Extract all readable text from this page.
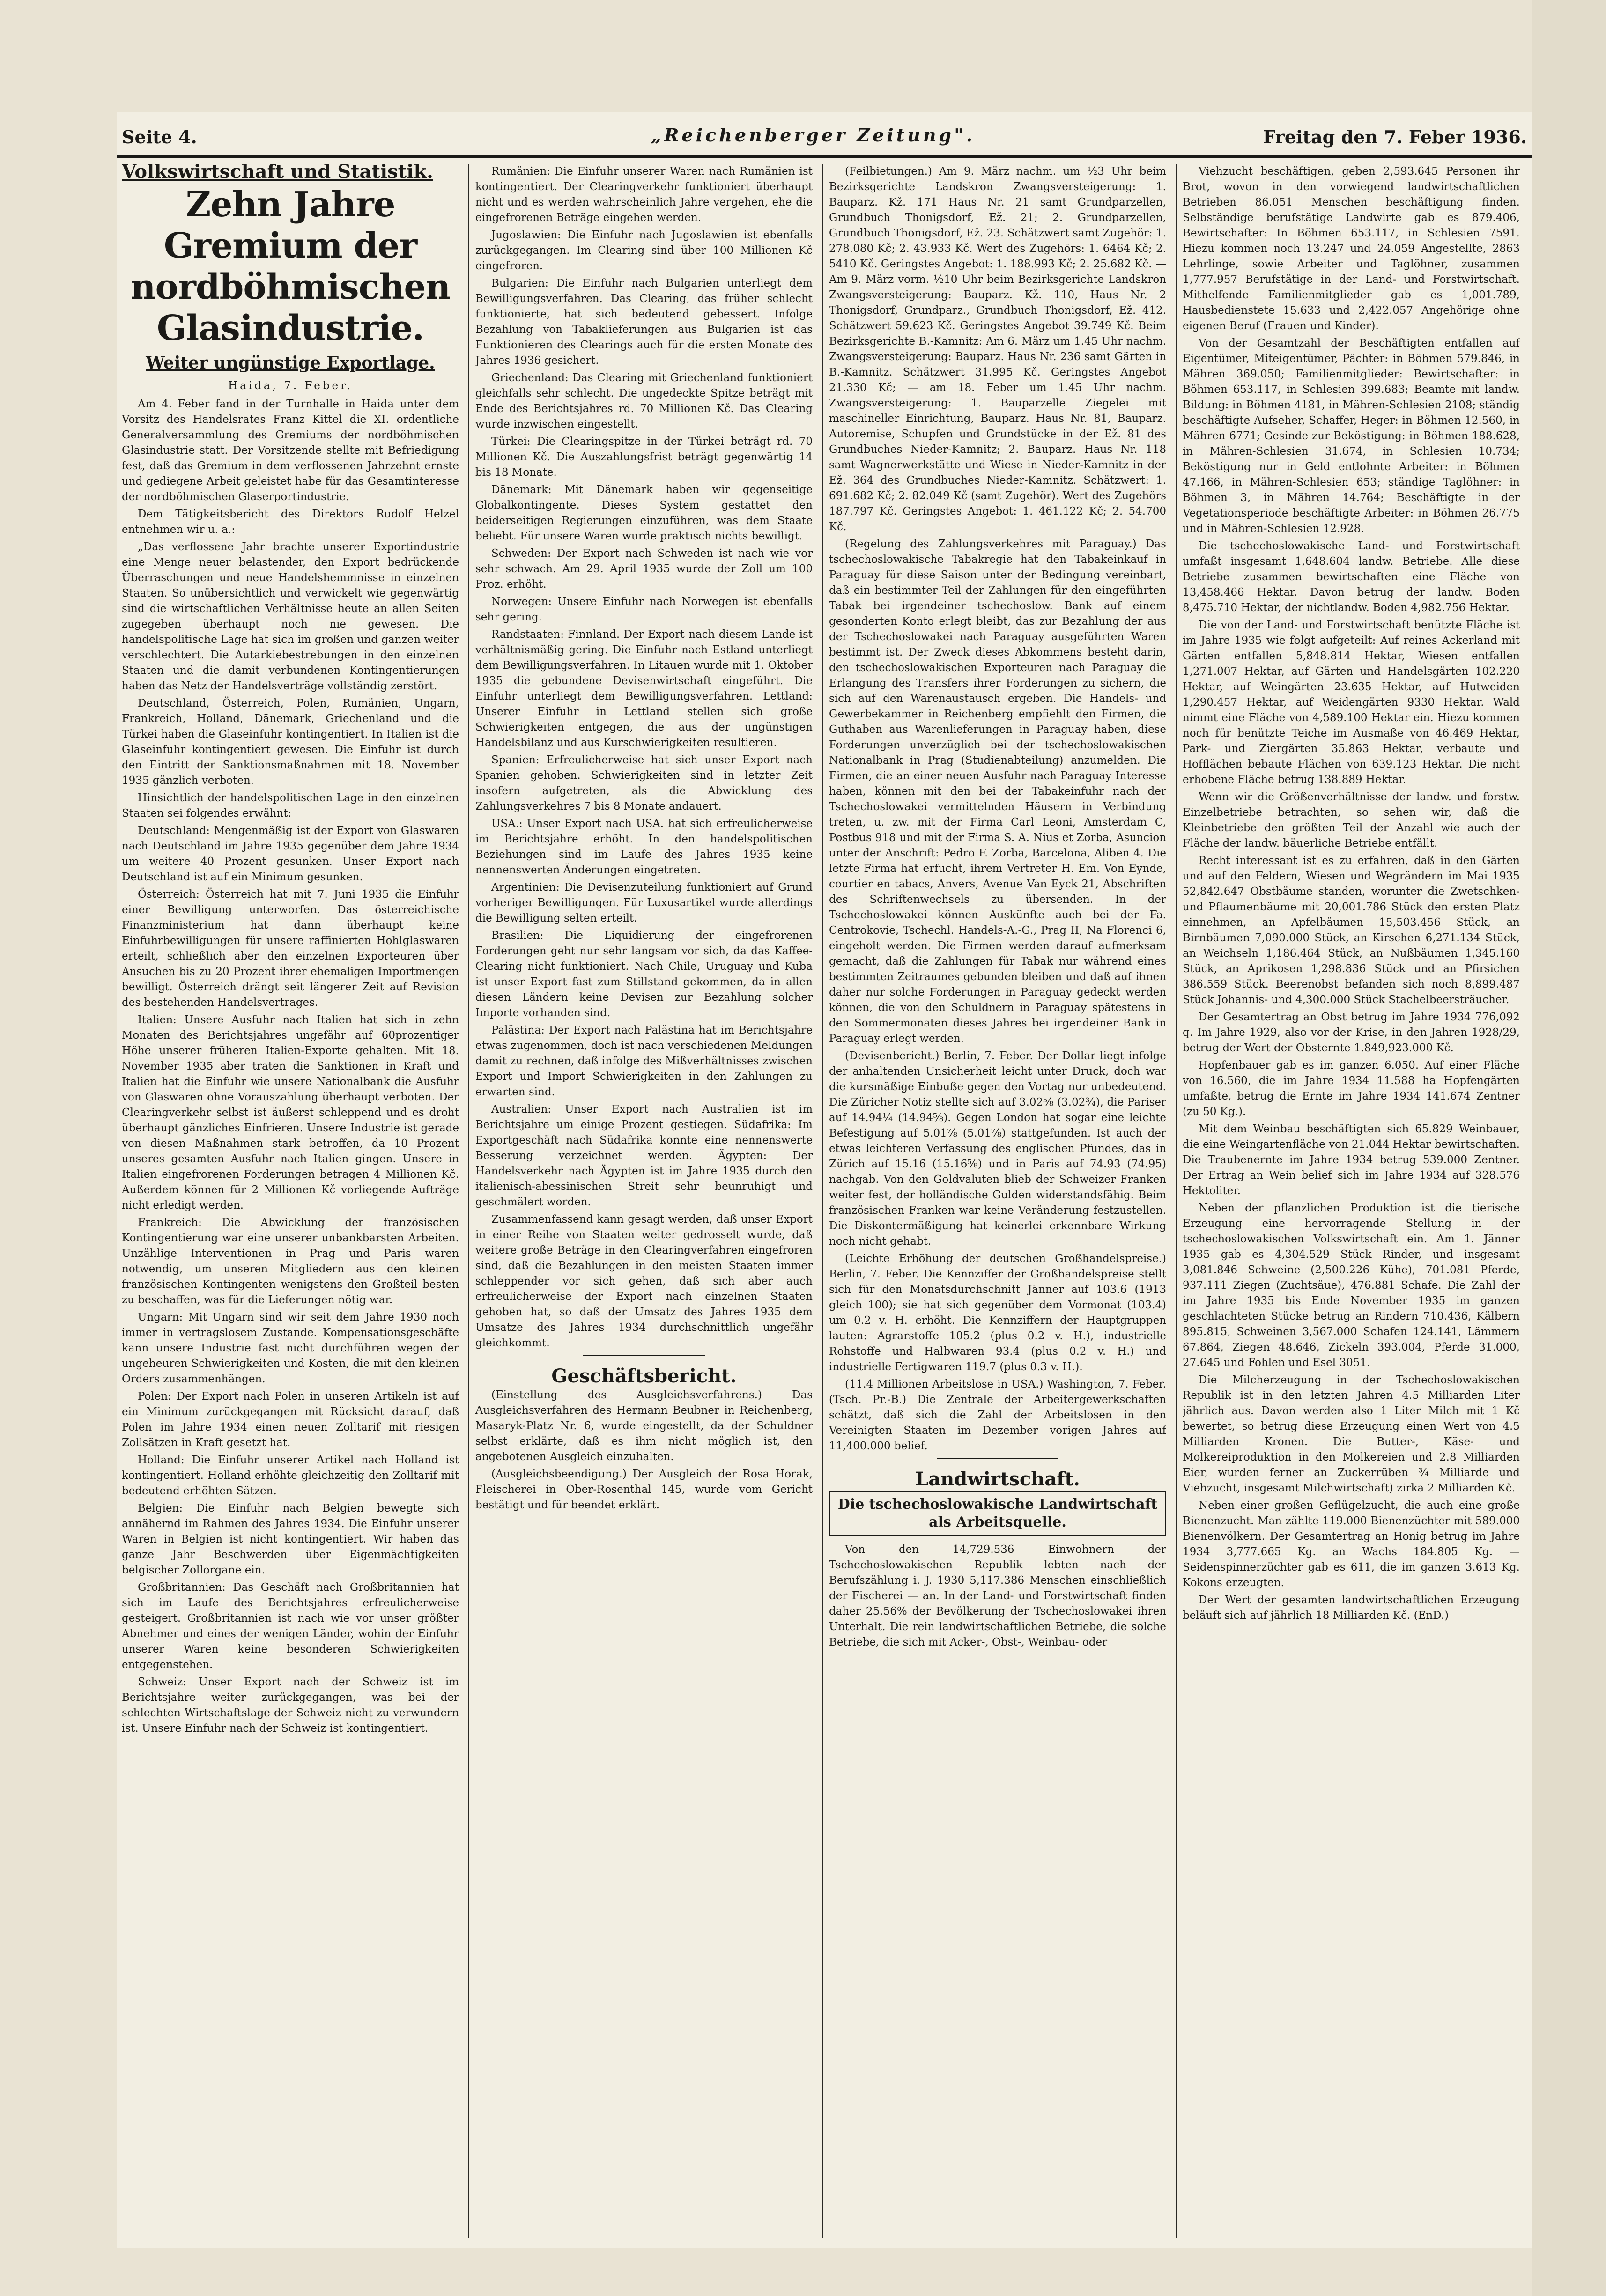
Seite 4.	„Reichenberger Zeitung".	Freitag den 7. Feber 1936.
Volkswirtschaft und Statistik.
Zehn Jahre Gremium der nordböhmischen Glasindustrie.
Weiter ungünstige Exportlage.
Haida, 7. Feber.

Am 4. Feber fand in der Turnhalle in Haida unter dem Vorsitz des Handelsrates Franz Kittel die XI. ordentliche Generalversammlung des Gremiums der nordböhmischen Glasindustrie statt. Der Vorsitzende stellte mit Befriedigung fest, daß das Gremium in dem verflossenen Jahrzehnt ernste und gediegene Arbeit geleistet habe für das Gesamtinteresse der nordböhmischen Glaserportindustrie.

Dem Tätigkeitsbericht des Direktors Rudolf Helzel entnehmen wir u. a.:

„Das verflossene Jahr brachte unserer Exportindustrie eine Menge neuer belastender, den Export bedrückende Überraschungen und neue Handelshemmnisse in einzelnen Staaten. So unübersichtlich und verwickelt wie gegenwärtig sind die wirtschaftlichen Verhältnisse heute an allen Seiten zugegeben überhaupt noch nie gewesen. Die handelspolitische Lage hat sich im großen und ganzen weiter verschlechtert. Die Autarkiebestrebungen in den einzelnen Staaten und die damit verbundenen Kontingentierungen haben das Netz der Handelsverträge vollständig zerstört.

Deutschland, Österreich, Polen, Rumänien, Ungarn, Frankreich, Holland, Dänemark, Griechenland und die Türkei haben die Glaseinfuhr kontingentiert. In Italien ist die Glaseinfuhr kontingentiert gewesen. Die Einfuhr ist durch den Eintritt der Sanktionsmaßnahmen mit 18. November 1935 gänzlich verboten.

Hinsichtlich der handelspolitischen Lage in den einzelnen Staaten sei folgendes erwähnt:

Deutschland: Mengenmäßig ist der Export von Glaswaren nach Deutschland im Jahre 1935 gegenüber dem Jahre 1934 um weitere 40 Prozent gesunken. Unser Export nach Deutschland ist auf ein Minimum gesunken.

Österreich: Österreich hat mit 7. Juni 1935 die Einfuhr einer Bewilligung unterworfen. Das österreichische Finanzministerium hat dann überhaupt keine Einfuhrbewilligungen für unsere raffinierten Hohlglaswaren erteilt, schließlich aber den einzelnen Exporteuren über Ansuchen bis zu 20 Prozent ihrer ehemaligen Importmengen bewilligt. Österreich drängt seit längerer Zeit auf Revision des bestehenden Handelsvertrages.

Italien: Unsere Ausfuhr nach Italien hat sich in zehn Monaten des Berichtsjahres ungefähr auf 60prozentiger Höhe unserer früheren Italien-Exporte gehalten. Mit 18. November 1935 aber traten die Sanktionen in Kraft und Italien hat die Einfuhr wie unsere Nationalbank die Ausfuhr von Glaswaren ohne Vorauszahlung überhaupt verboten. Der Clearingverkehr selbst ist äußerst schleppend und es droht überhaupt gänzliches Einfrieren. Unsere Industrie ist gerade von diesen Maßnahmen stark betroffen, da 10 Prozent unseres gesamten Ausfuhr nach Italien gingen. Unsere in Italien eingefrorenen Forderungen betragen 4 Millionen Kč. Außerdem können für 2 Millionen Kč vorliegende Aufträge nicht erledigt werden.

Frankreich: Die Abwicklung der französischen Kontingentierung war eine unserer unbankbarsten Arbeiten. Unzählige Interventionen in Prag und Paris waren notwendig, um unseren Mitgliedern aus den kleinen französischen Kontingenten wenigstens den Großteil besten zu beschaffen, was für die Lieferungen nötig war.

Ungarn: Mit Ungarn sind wir seit dem Jahre 1930 noch immer in vertragslosem Zustande. Kompensationsgeschäfte kann unsere Industrie fast nicht durchführen wegen der ungeheuren Schwierigkeiten und Kosten, die mit den kleinen Orders zusammenhängen.

Polen: Der Export nach Polen in unseren Artikeln ist auf ein Minimum zurückgegangen mit Rücksicht darauf, daß Polen im Jahre 1934 einen neuen Zolltarif mit riesigen Zollsätzen in Kraft gesetzt hat.

Holland: Die Einfuhr unserer Artikel nach Holland ist kontingentiert. Holland erhöhte gleichzeitig den Zolltarif mit bedeutend erhöhten Sätzen.

Belgien: Die Einfuhr nach Belgien bewegte sich annähernd im Rahmen des Jahres 1934. Die Einfuhr unserer Waren in Belgien ist nicht kontingentiert. Wir haben das ganze Jahr Beschwerden über Eigenmächtigkeiten belgischer Zollorgane ein.

Großbritannien: Das Geschäft nach Großbritannien hat sich im Laufe des Berichtsjahres erfreulicherweise gesteigert. Großbritannien ist nach wie vor unser größter Abnehmer und eines der wenigen Länder, wohin der Einfuhr unserer Waren keine besonderen Schwierigkeiten entgegenstehen.

Schweiz: Unser Export nach der Schweiz ist im Berichtsjahre weiter zurückgegangen, was bei der schlechten Wirtschaftslage der Schweiz nicht zu verwundern ist. Unsere Einfuhr nach der Schweiz ist kontingentiert.

Rumänien: Die Einfuhr unserer Waren nach Rumänien ist kontingentiert. Der Clearingverkehr funktioniert überhaupt nicht und es werden wahrscheinlich Jahre vergehen, ehe die eingefrorenen Beträge eingehen werden.

Jugoslawien: Die Einfuhr nach Jugoslawien ist ebenfalls zurückgegangen. Im Clearing sind über 100 Millionen Kč eingefroren.

Bulgarien: Die Einfuhr nach Bulgarien unterliegt dem Bewilligungsverfahren. Das Clearing, das früher schlecht funktionierte, hat sich bedeutend gebessert. Infolge Bezahlung von Tabaklieferungen aus Bulgarien ist das Funktionieren des Clearings auch für die ersten Monate des Jahres 1936 gesichert.

Griechenland: Das Clearing mit Griechenland funktioniert gleichfalls sehr schlecht. Die ungedeckte Spitze beträgt mit Ende des Berichtsjahres rd. 70 Millionen Kč. Das Clearing wurde inzwischen eingestellt.

Türkei: Die Clearingspitze in der Türkei beträgt rd. 70 Millionen Kč. Die Auszahlungsfrist beträgt gegenwärtig 14 bis 18 Monate.

Dänemark: Mit Dänemark haben wir gegenseitige Globalkontingente. Dieses System gestattet den beiderseitigen Regierungen einzuführen, was dem Staate beliebt. Für unsere Waren wurde praktisch nichts bewilligt.

Schweden: Der Export nach Schweden ist nach wie vor sehr schwach. Am 29. April 1935 wurde der Zoll um 100 Proz. erhöht.

Norwegen: Unsere Einfuhr nach Norwegen ist ebenfalls sehr gering.

Randstaaten: Finnland. Der Export nach diesem Lande ist verhältnismäßig gering. Die Einfuhr nach Estland unterliegt dem Bewilligungsverfahren. In Litauen wurde mit 1. Oktober 1935 die gebundene Devisenwirtschaft eingeführt. Die Einfuhr unterliegt dem Bewilligungsverfahren. Lettland: Unserer Einfuhr in Lettland stellen sich große Schwierigkeiten entgegen, die aus der ungünstigen Handelsbilanz und aus Kurschwierigkeiten resultieren.

Spanien: Erfreulicherweise hat sich unser Export nach Spanien gehoben. Schwierigkeiten sind in letzter Zeit insofern aufgetreten, als die Abwicklung des Zahlungsverkehres 7 bis 8 Monate andauert.

USA.: Unser Export nach USA. hat sich erfreulicherweise im Berichtsjahre erhöht. In den handelspolitischen Beziehungen sind im Laufe des Jahres 1935 keine nennenswerten Änderungen eingetreten.

Argentinien: Die Devisenzuteilung funktioniert auf Grund vorheriger Bewilligungen. Für Luxusartikel wurde allerdings die Bewilligung selten erteilt.

Brasilien: Die Liquidierung der eingefrorenen Forderungen geht nur sehr langsam vor sich, da das Kaffee-Clearing nicht funktioniert. Nach Chile, Uruguay und Kuba ist unser Export fast zum Stillstand gekommen, da in allen diesen Ländern keine Devisen zur Bezahlung solcher Importe vorhanden sind.

Palästina: Der Export nach Palästina hat im Berichtsjahre etwas zugenommen, doch ist nach verschiedenen Meldungen damit zu rechnen, daß infolge des Mißverhältnisses zwischen Export und Import Schwierigkeiten in den Zahlungen zu erwarten sind.

Australien: Unser Export nach Australien ist im Berichtsjahre um einige Prozent gestiegen. Südafrika: Im Exportgeschäft nach Südafrika konnte eine nennenswerte Besserung verzeichnet werden. Ägypten: Der Handelsverkehr nach Ägypten ist im Jahre 1935 durch den italienisch-abessinischen Streit sehr beunruhigt und geschmälert worden.

Zusammenfassend kann gesagt werden, daß unser Export in einer Reihe von Staaten weiter gedrosselt wurde, daß weitere große Beträge in den Clearingverfahren eingefroren sind, daß die Bezahlungen in den meisten Staaten immer schleppender vor sich gehen, daß sich aber auch erfreulicherweise der Export nach einzelnen Staaten gehoben hat, so daß der Umsatz des Jahres 1935 dem Umsatze des Jahres 1934 durchschnittlich ungefähr gleichkommt.

Geschäftsbericht.

(Einstellung des Ausgleichsverfahrens.) Das Ausgleichsverfahren des Hermann Beubner in Reichenberg, Masaryk-Platz Nr. 6, wurde eingestellt, da der Schuldner selbst erklärte, daß es ihm nicht möglich ist, den angebotenen Ausgleich einzuhalten.

(Ausgleichsbeendigung.) Der Ausgleich der Rosa Horak, Fleischerei in Ober-Rosenthal 145, wurde vom Gericht bestätigt und für beendet erklärt.

(Feilbietungen.) Am 9. März nachm. um ½3 Uhr beim Bezirksgerichte Landskron Zwangsversteigerung: 1. Bauparz. Kž. 171 Haus Nr. 21 samt Grundparzellen, Grundbuch Thonigsdorf, Ež. 21; 2. Grundparzellen, Grundbuch Thonigsdorf, Ež. 23. Schätzwert samt Zugehör: 1. 278.080 Kč; 2. 43.933 Kč. Wert des Zugehörs: 1. 6464 Kč; 2. 5410 Kč. Geringstes Angebot: 1. 188.993 Kč; 2. 25.682 Kč. — Am 9. März vorm. ½10 Uhr beim Bezirksgerichte Landskron Zwangsversteigerung: Bauparz. Kž. 110, Haus Nr. 2 Thonigsdorf, Grundparz., Grundbuch Thonigsdorf, Ež. 412. Schätzwert 59.623 Kč. Geringstes Angebot 39.749 Kč. Beim Bezirksgerichte B.-Kamnitz: Am 6. März um 1.45 Uhr nachm. Zwangsversteigerung: Bauparz. Haus Nr. 236 samt Gärten in B.-Kamnitz. Schätzwert 31.995 Kč. Geringstes Angebot 21.330 Kč; — am 18. Feber um 1.45 Uhr nachm. Zwangsversteigerung: 1. Bauparzelle Ziegelei mit maschineller Einrichtung, Bauparz. Haus Nr. 81, Bauparz. Autoremise, Schupfen und Grundstücke in der Ež. 81 des Grundbuches Nieder-Kamnitz; 2. Bauparz. Haus Nr. 118 samt Wagnerwerkstätte und Wiese in Nieder-Kamnitz in der Ež. 364 des Grundbuches Nieder-Kamnitz. Schätzwert: 1. 691.682 Kč; 2. 82.049 Kč (samt Zugehör). Wert des Zugehörs 187.797 Kč. Geringstes Angebot: 1. 461.122 Kč; 2. 54.700 Kč.

(Regelung des Zahlungsverkehres mit Paraguay.) Das tschechoslowakische Tabakregie hat den Tabakeinkauf in Paraguay für diese Saison unter der Bedingung vereinbart, daß ein bestimmter Teil der Zahlungen für den eingeführten Tabak bei irgendeiner tschechoslow. Bank auf einem gesonderten Konto erlegt bleibt, das zur Bezahlung der aus der Tschechoslowakei nach Paraguay ausgeführten Waren bestimmt ist. Der Zweck dieses Abkommens besteht darin, den tschechoslowakischen Exporteuren nach Paraguay die Erlangung des Transfers ihrer Forderungen zu sichern, die sich auf den Warenaustausch ergeben. Die Handels- und Gewerbekammer in Reichenberg empfiehlt den Firmen, die Guthaben aus Warenlieferungen in Paraguay haben, diese Forderungen unverzüglich bei der tschechoslowakischen Nationalbank in Prag (Studienabteilung) anzumelden. Die Firmen, die an einer neuen Ausfuhr nach Paraguay Interesse haben, können mit den bei der Tabakeinfuhr nach der Tschechoslowakei vermittelnden Häusern in Verbindung treten, u. zw. mit der Firma Carl Leoni, Amsterdam C, Postbus 918 und mit der Firma S. A. Nius et Zorba, Asuncion unter der Anschrift: Pedro F. Zorba, Barcelona, Aliben 4. Die letzte Firma hat erfucht, ihrem Vertreter H. Em. Von Eynde, courtier en tabacs, Anvers, Avenue Van Eyck 21, Abschriften des Schriftenwechsels zu übersenden. In der Tschechoslowakei können Auskünfte auch bei der Fa. Centrokovie, Tschechl. Handels-A.-G., Prag II, Na Florenci 6, eingeholt werden. Die Firmen werden darauf aufmerksam gemacht, daß die Zahlungen für Tabak nur während eines bestimmten Zeitraumes gebunden bleiben und daß auf ihnen daher nur solche Forderungen in Paraguay gedeckt werden können, die von den Schuldnern in Paraguay spätestens in den Sommermonaten dieses Jahres bei irgendeiner Bank in Paraguay erlegt werden.

(Devisenbericht.) Berlin, 7. Feber. Der Dollar liegt infolge der anhaltenden Unsicherheit leicht unter Druck, doch war die kursmäßige Einbuße gegen den Vortag nur unbedeutend. Die Züricher Notiz stellte sich auf 3.02⅝ (3.02¾), die Pariser auf 14.94¼ (14.94⅝). Gegen London hat sogar eine leichte Befestigung auf 5.01⅞ (5.01⅞) stattgefunden. Ist auch der etwas leichteren Verfassung des englischen Pfundes, das in Zürich auf 15.16 (15.16⅝) und in Paris auf 74.93 (74.95) nachgab. Von den Goldvaluten blieb der Schweizer Franken weiter fest, der holländische Gulden widerstandsfähig. Beim französischen Franken war keine Veränderung festzustellen. Die Diskontermäßigung hat keinerlei erkennbare Wirkung noch nicht gehabt.

(Leichte Erhöhung der deutschen Großhandelspreise.) Berlin, 7. Feber. Die Kennziffer der Großhandelspreise stellt sich für den Monatsdurchschnitt Jänner auf 103.6 (1913 gleich 100); sie hat sich gegenüber dem Vormonat (103.4) um 0.2 v. H. erhöht. Die Kennziffern der Hauptgruppen lauten: Agrarstoffe 105.2 (plus 0.2 v. H.), industrielle Rohstoffe und Halbwaren 93.4 (plus 0.2 v. H.) und industrielle Fertigwaren 119.7 (plus 0.3 v. H.).

(11.4 Millionen Arbeitslose in USA.) Washington, 7. Feber. (Tsch. Pr.-B.) Die Zentrale der Arbeitergewerkschaften schätzt, daß sich die Zahl der Arbeitslosen in den Vereinigten Staaten im Dezember vorigen Jahres auf 11,400.000 belief.

Landwirtschaft.
Die tschechoslowakische Landwirtschaft als Arbeitsquelle.

Von den 14,729.536 Einwohnern der Tschechoslowakischen Republik lebten nach der Berufszählung i. J. 1930 5,117.386 Menschen einschließlich der Fischerei — an. In der Land- und Forstwirtschaft finden daher 25.56% der Bevölkerung der Tschechoslowakei ihren Unterhalt. Die rein landwirtschaftlichen Betriebe, die solche Betriebe, die sich mit Acker-, Obst-, Weinbau- oder

Viehzucht beschäftigen, geben 2,593.645 Personen ihr Brot, wovon in den vorwiegend landwirtschaftlichen Betrieben 86.051 Menschen beschäftigung finden. Selbständige berufstätige Landwirte gab es 879.406, Bewirtschafter: In Böhmen 653.117, in Schlesien 7591. Hiezu kommen noch 13.247 und 24.059 Angestellte, 2863 Lehrlinge, sowie Arbeiter und Taglöhner, zusammen 1,777.957 Berufstätige in der Land- und Forstwirtschaft. Mithelfende Familienmitglieder gab es 1,001.789, Hausbedienstete 15.633 und 2,422.057 Angehörige ohne eigenen Beruf (Frauen und Kinder).

Von der Gesamtzahl der Beschäftigten entfallen auf Eigentümer, Miteigentümer, Pächter: in Böhmen 579.846, in Mähren 369.050; Familienmitglieder: Bewirtschafter: in Böhmen 653.117, in Schlesien 399.683; Beamte mit landw. Bildung: in Böhmen 4181, in Mähren-Schlesien 2108; ständig beschäftigte Aufseher, Schaffer, Heger: in Böhmen 12.560, in Mähren 6771; Gesinde zur Beköstigung: in Böhmen 188.628, in Mähren-Schlesien 31.674, in Schlesien 10.734; Beköstigung nur in Geld entlohnte Arbeiter: in Böhmen 47.166, in Mähren-Schlesien 653; ständige Taglöhner: in Böhmen 3, in Mähren 14.764; Beschäftigte in der Vegetationsperiode beschäftigte Arbeiter: in Böhmen 26.775 und in Mähren-Schlesien 12.928.

Die tschechoslowakische Land- und Forstwirtschaft umfaßt insgesamt 1,648.604 landw. Betriebe. Alle diese Betriebe zusammen bewirtschaften eine Fläche von 13,458.466 Hektar. Davon betrug der landw. Boden 8,475.710 Hektar, der nichtlandw. Boden 4,982.756 Hektar.

Die von der Land- und Forstwirtschaft benützte Fläche ist im Jahre 1935 wie folgt aufgeteilt: Auf reines Ackerland mit Gärten entfallen 5,848.814 Hektar, Wiesen entfallen 1,271.007 Hektar, auf Gärten und Handelsgärten 102.220 Hektar, auf Weingärten 23.635 Hektar, auf Hutweiden 1,290.457 Hektar, auf Weidengärten 9330 Hektar. Wald nimmt eine Fläche von 4,589.100 Hektar ein. Hiezu kommen noch für benützte Teiche im Ausmaße von 46.469 Hektar, Park- und Ziergärten 35.863 Hektar, verbaute und Hofflächen bebaute Flächen von 639.123 Hektar. Die nicht erhobene Fläche betrug 138.889 Hektar.

Wenn wir die Größenverhältnisse der landw. und forstw. Einzelbetriebe betrachten, so sehen wir, daß die Kleinbetriebe den größten Teil der Anzahl wie auch der Fläche der landw. bäuerliche Betriebe entfällt.

Recht interessant ist es zu erfahren, daß in den Gärten und auf den Feldern, Wiesen und Wegrändern im Mai 1935 52,842.647 Obstbäume standen, worunter die Zwetschken- und Pflaumenbäume mit 20,001.786 Stück den ersten Platz einnehmen, an Apfelbäumen 15,503.456 Stück, an Birnbäumen 7,090.000 Stück, an Kirschen 6,271.134 Stück, an Weichseln 1,186.464 Stück, an Nußbäumen 1,345.160 Stück, an Aprikosen 1,298.836 Stück und an Pfirsichen 386.559 Stück. Beerenobst befanden sich noch 8,899.487 Stück Johannis- und 4,300.000 Stück Stachelbeersträucher.

Der Gesamtertrag an Obst betrug im Jahre 1934 776,092 q. Im Jahre 1929, also vor der Krise, in den Jahren 1928/29, betrug der Wert der Obsternte 1.849,923.000 Kč.

Hopfenbauer gab es im ganzen 6.050. Auf einer Fläche von 16.560, die im Jahre 1934 11.588 ha Hopfengärten umfaßte, betrug die Ernte im Jahre 1934 141.674 Zentner (zu 50 Kg.).

Mit dem Weinbau beschäftigten sich 65.829 Weinbauer, die eine Weingartenfläche von 21.044 Hektar bewirtschaften. Die Traubenernte im Jahre 1934 betrug 539.000 Zentner. Der Ertrag an Wein belief sich im Jahre 1934 auf 328.576 Hektoliter.

Neben der pflanzlichen Produktion ist die tierische Erzeugung eine hervorragende Stellung in der tschechoslowakischen Volkswirtschaft ein. Am 1. Jänner 1935 gab es 4,304.529 Stück Rinder, und insgesamt 3,081.846 Schweine (2,500.226 Kühe), 701.081 Pferde, 937.111 Ziegen (Zuchtsäue), 476.881 Schafe. Die Zahl der im Jahre 1935 bis Ende November 1935 im ganzen geschlachteten Stücke betrug an Rindern 710.436, Kälbern 895.815, Schweinen 3,567.000 Schafen 124.141, Lämmern 67.864, Ziegen 48.646, Zickeln 393.004, Pferde 31.000, 27.645 und Fohlen und Esel 3051.

Die Milcherzeugung in der Tschechoslowakischen Republik ist in den letzten Jahren 4.5 Milliarden Liter jährlich aus. Davon werden also 1 Liter Milch mit 1 Kč bewertet, so betrug diese Erzeugung einen Wert von 4.5 Milliarden Kronen. Die Butter-, Käse- und Molkereiproduktion in den Molkereien und 2.8 Milliarden Eier, wurden ferner an Zuckerrüben ¾ Milliarde und Viehzucht, insgesamt Milchwirtschaft) zirka 2 Milliarden Kč.

Neben einer großen Geflügelzucht, die auch eine große Bienenzucht. Man zählte 119.000 Bienenzüchter mit 589.000 Bienenvölkern. Der Gesamtertrag an Honig betrug im Jahre 1934 3,777.665 Kg. an Wachs 184.805 Kg. — Seidenspinnerzüchter gab es 611, die im ganzen 3.613 Kg. Kokons erzeugten.

Der Wert der gesamten landwirtschaftlichen Erzeugung beläuft sich auf jährlich 18 Milliarden Kč. (EnD.)
